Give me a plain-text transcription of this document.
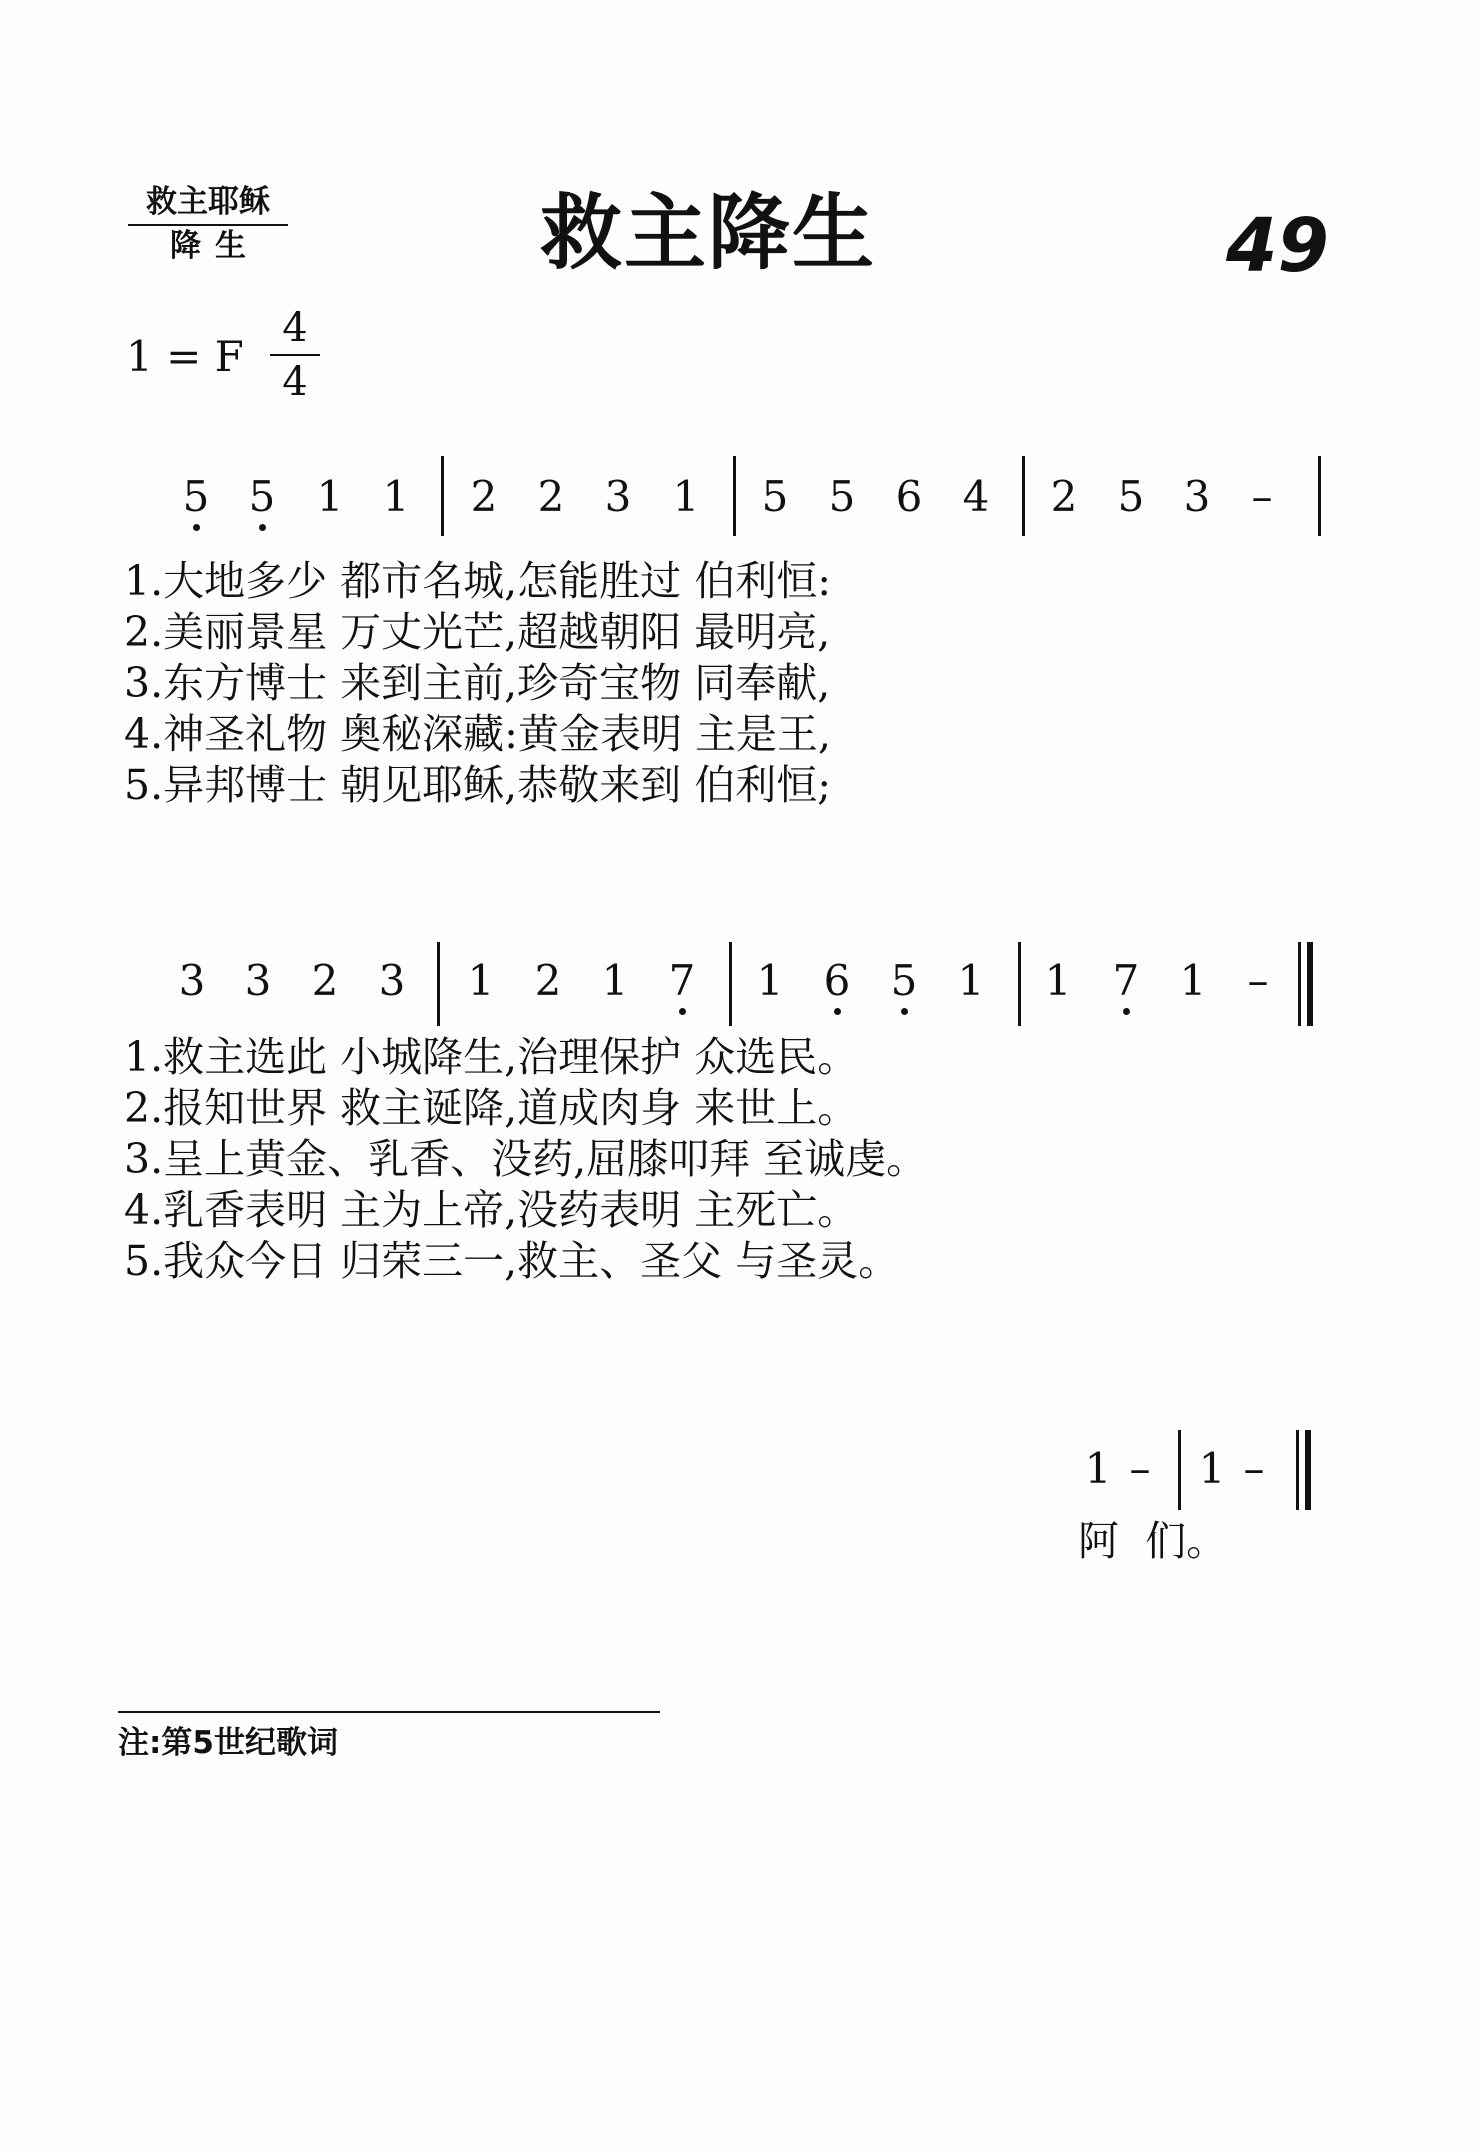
救主耶稣
降生	救主降生	49
1 = F $\frac{4}{4}$
5 5 1 1 2 2 3 1 5 5 6 4 2 5 3 –
1.大地多少 都市名城,怎能胜过 伯利恒:
2.美丽景星 万丈光芒,超越朝阳 最明亮,
3.东方博士 来到主前,珍奇宝物 同奉献,
4.神圣礼物 奥秘深藏:黄金表明 主是王,
5.异邦博士 朝见耶稣,恭敬来到 伯利恒;
3 3 2 3 1 2 1 7 1 6 5 1 1 7 1 –
1.救主选此 小城降生,治理保护 众选民。
2.报知世界 救主诞降,道成肉身 来世上。
3.呈上黄金、乳香、没药,屈膝叩拜 至诚虔。
4.乳香表明 主为上帝,没药表明 主死亡。
5.我众今日 归荣三一,救主、圣父 与圣灵。
1 – 1 –
阿  们。
注:第5世纪歌词
